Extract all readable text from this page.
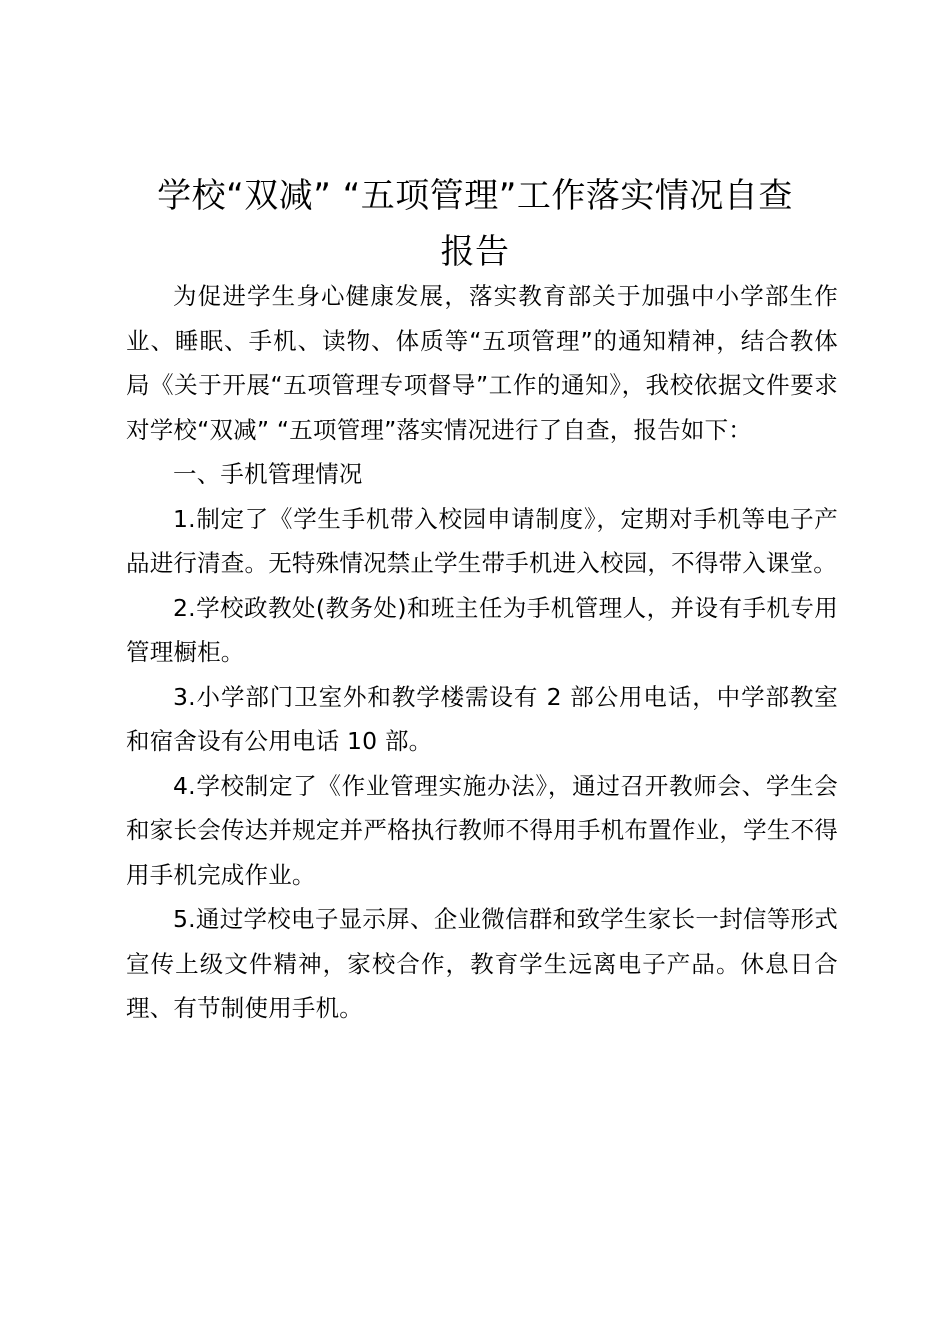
学校“双减” “五项管理”工作落实情况自查
报告

为促进学生身心健康发展，落实教育部关于加强中小学部生作业、睡眠、手机、读物、体质等“五项管理”的通知精神，结合教体局《关于开展“五项管理专项督导”工作的通知》，我校依据文件要求对学校“双减” “五项管理”落实情况进行了自查，报告如下：

一、手机管理情况

1.制定了《学生手机带入校园申请制度》，定期对手机等电子产品进行清查。无特殊情况禁止学生带手机进入校园，不得带入课堂。

2.学校政教处(教务处)和班主任为手机管理人，并设有手机专用管理橱柜。

3.小学部门卫室外和教学楼需设有 2 部公用电话，中学部教室和宿舍设有公用电话 10 部。

4.学校制定了《作业管理实施办法》，通过召开教师会、学生会和家长会传达并规定并严格执行教师不得用手机布置作业，学生不得用手机完成作业。

5.通过学校电子显示屏、企业微信群和致学生家长一封信等形式宣传上级文件精神，家校合作，教育学生远离电子产品。休息日合理、有节制使用手机。
